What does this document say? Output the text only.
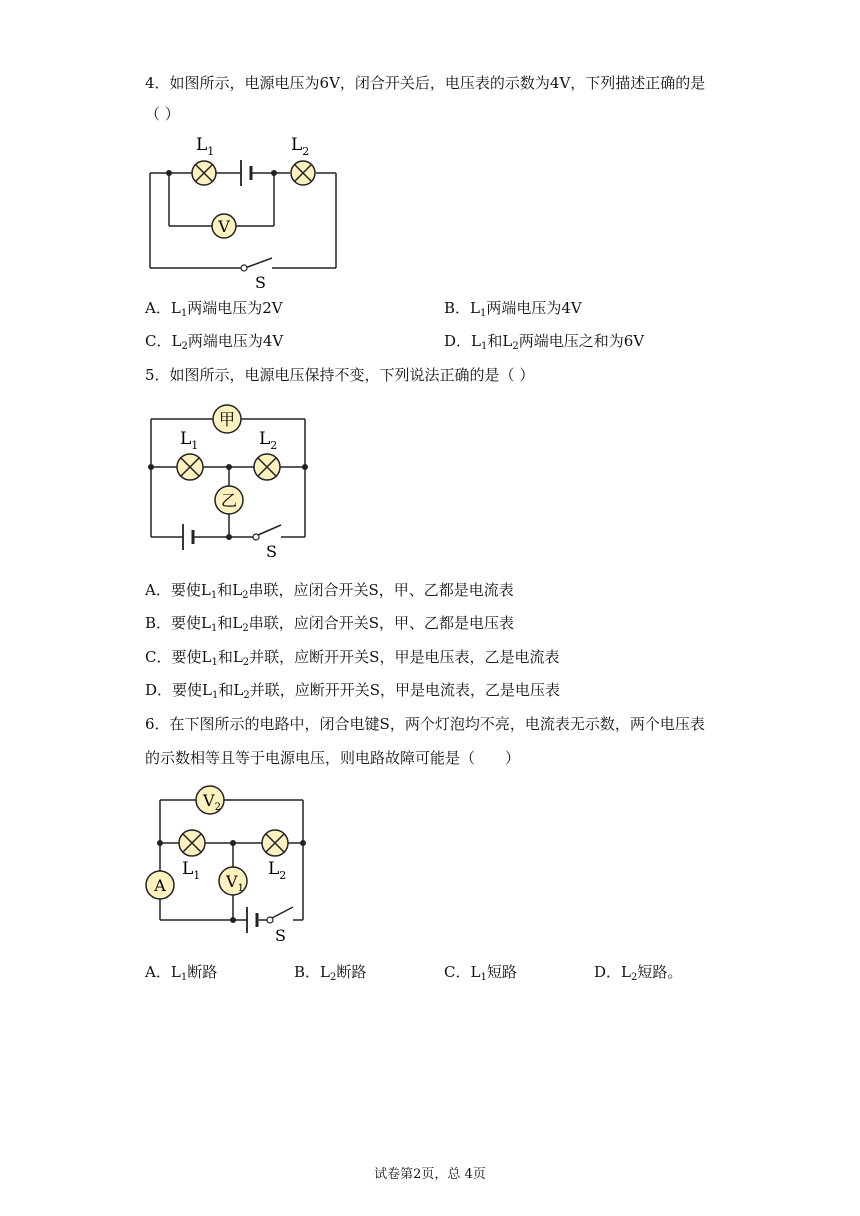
4．如图所示，电源电压为6V，闭合开关后，电压表的示数为4V，下列描述正确的是
（ ）
V
$L_1$	$L_2$
S
A．$L_1$两端电压为2V	B．$L_1$两端电压为4V
C．$L_2$两端电压为4V	D．$L_1$和$L_2$两端电压之和为6V
5．如图所示，电源电压保持不变，下列说法正确的是（ ）
甲
乙
$L_1$	$L_2$
S
A．要使$L_1$和$L_2$串联，应闭合开关S，甲、乙都是电流表
B．要使$L_1$和$L_2$串联，应闭合开关S，甲、乙都是电压表
C．要使$L_1$和$L_2$并联，应断开开关S，甲是电压表，乙是电流表
D．要使$L_1$和$L_2$并联，应断开开关S，甲是电流表，乙是电压表
6．在下图所示的电路中，闭合电键S，两个灯泡均不亮，电流表无示数，两个电压表
的示数相等且等于电源电压，则电路故障可能是（　　）
$V_2$
$L_1$	$L_2$
$V_1$
A
S
A．$L_1$断路	B．$L_2$断路	C．$L_1$短路	D．$L_2$短路。
试卷第2页，总 4页
